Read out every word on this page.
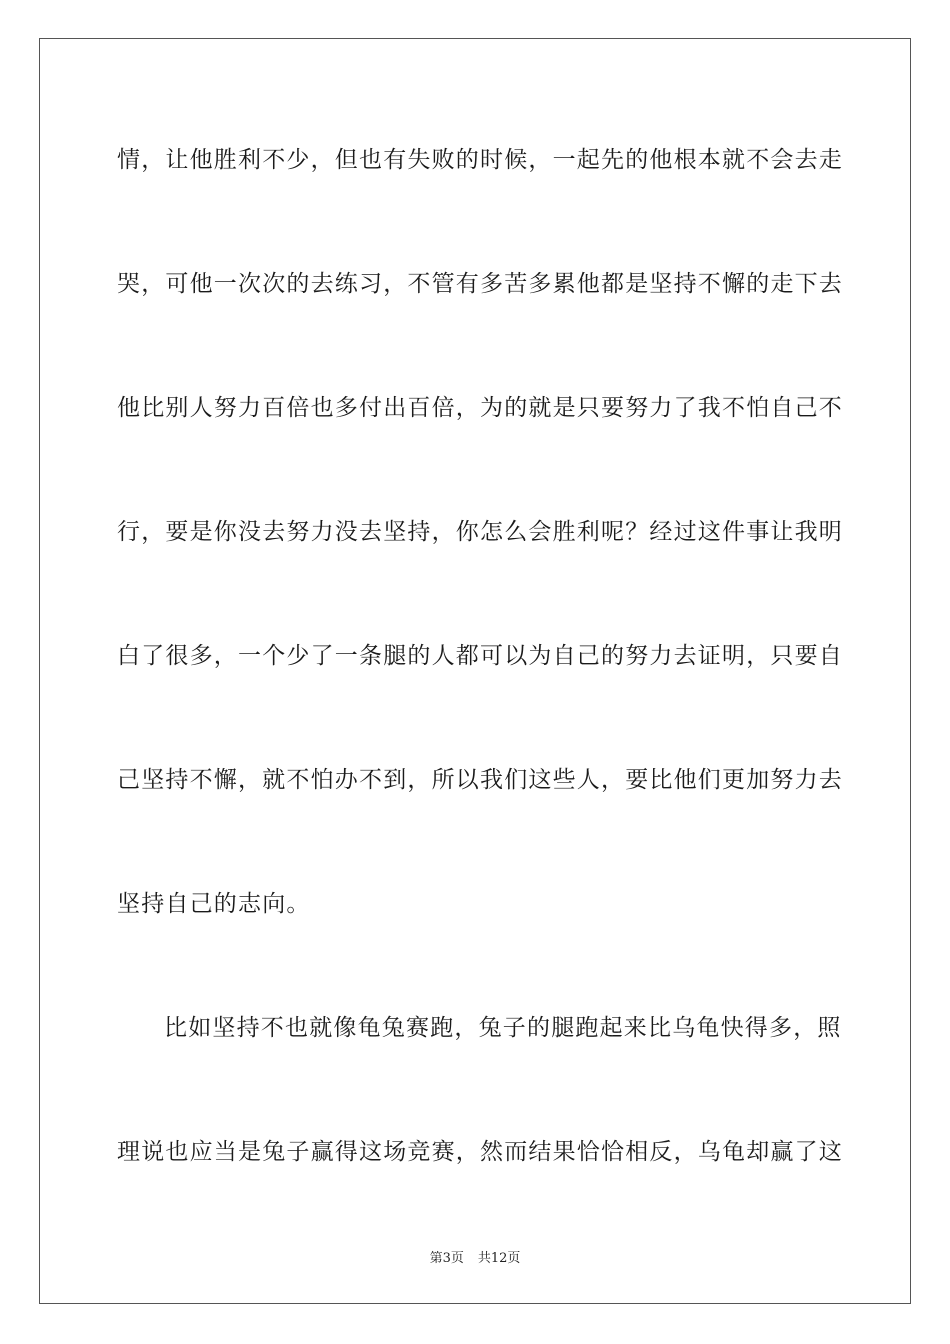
情，让他胜利不少，但也有失败的时候，一起先的他根本就不会去走
哭，可他一次次的去练习，不管有多苦多累他都是坚持不懈的走下去
他比别人努力百倍也多付出百倍，为的就是只要努力了我不怕自己不
行，要是你没去努力没去坚持，你怎么会胜利呢？经过这件事让我明
白了很多，一个少了一条腿的人都可以为自己的努力去证明，只要自
己坚持不懈，就不怕办不到，所以我们这些人，要比他们更加努力去
坚持自己的志向。
比如坚持不也就像龟兔赛跑，兔子的腿跑起来比乌龟快得多，照
理说也应当是兔子赢得这场竞赛，然而结果恰恰相反，乌龟却赢了这
第3页 共12页
